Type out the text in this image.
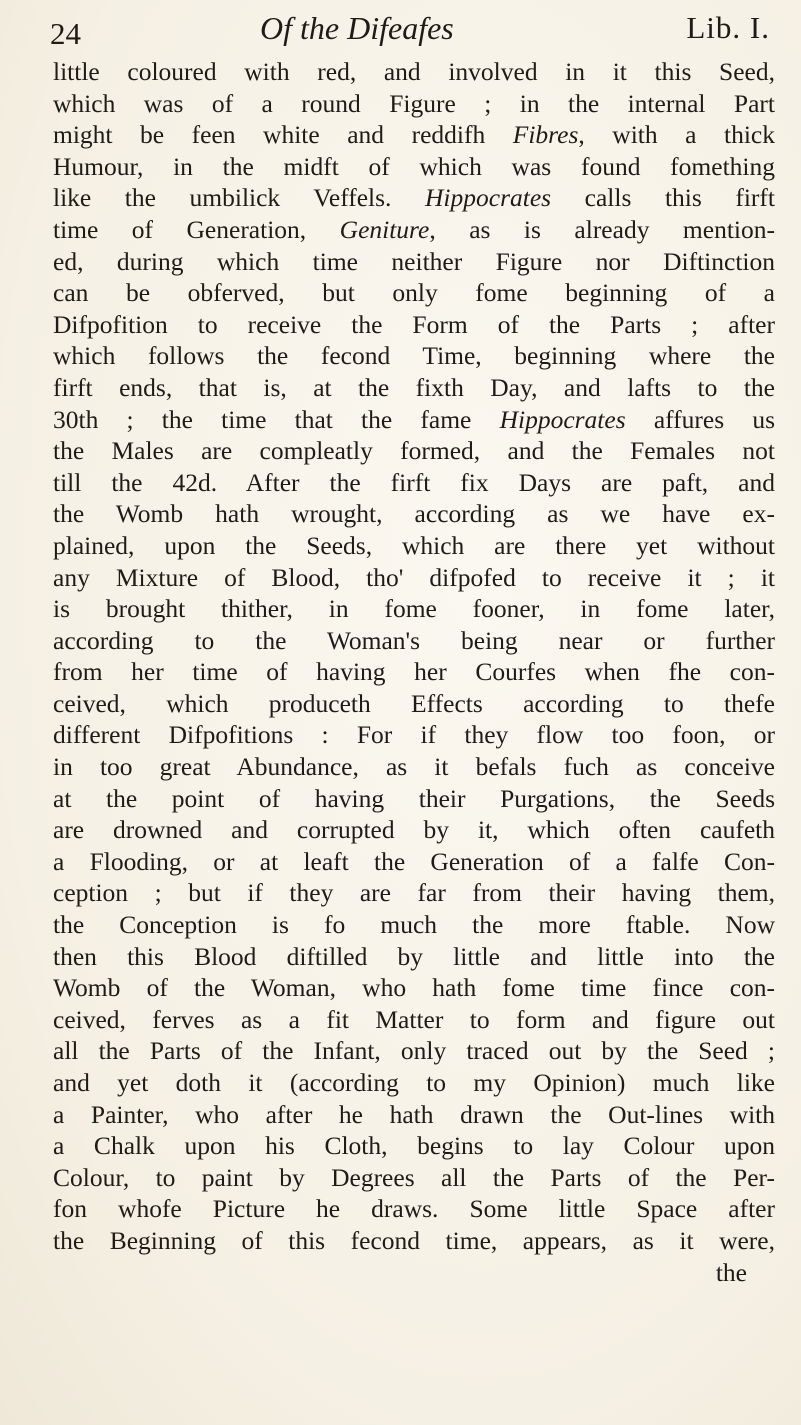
24	Of the Difeafes	Lib. I.
little coloured with red, and involved in it this Seed,
which was of a round Figure ; in the internal Part
might be feen white and reddifh Fibres, with a thick
Humour, in the midft of which was found fomething
like the umbilick Veffels. Hippocrates calls this firft
time of Generation, Geniture, as is already mention-
ed, during which time neither Figure nor Diftinction
can be obferved, but only fome beginning of a
Difpofition to receive the Form of the Parts ; after
which follows the fecond Time, beginning where the
firft ends, that is, at the fixth Day, and lafts to the
30th ; the time that the fame Hippocrates affures us
the Males are compleatly formed, and the Females not
till the 42d. After the firft fix Days are paft, and
the Womb hath wrought, according as we have ex-
plained, upon the Seeds, which are there yet without
any Mixture of Blood, tho' difpofed to receive it ; it
is brought thither, in fome fooner, in fome later,
according to the Woman's being near or further
from her time of having her Courfes when fhe con-
ceived, which produceth Effects according to thefe
different Difpofitions : For if they flow too foon, or
in too great Abundance, as it befals fuch as conceive
at the point of having their Purgations, the Seeds
are drowned and corrupted by it, which often caufeth
a Flooding, or at leaft the Generation of a falfe Con-
ception ; but if they are far from their having them,
the Conception is fo much the more ftable. Now
then this Blood diftilled by little and little into the
Womb of the Woman, who hath fome time fince con-
ceived, ferves as a fit Matter to form and figure out
all the Parts of the Infant, only traced out by the Seed ;
and yet doth it (according to my Opinion) much like
a Painter, who after he hath drawn the Out-lines with
a Chalk upon his Cloth, begins to lay Colour upon
Colour, to paint by Degrees all the Parts of the Per-
fon whofe Picture he draws. Some little Space after
the Beginning of this fecond time, appears, as it were,
the
